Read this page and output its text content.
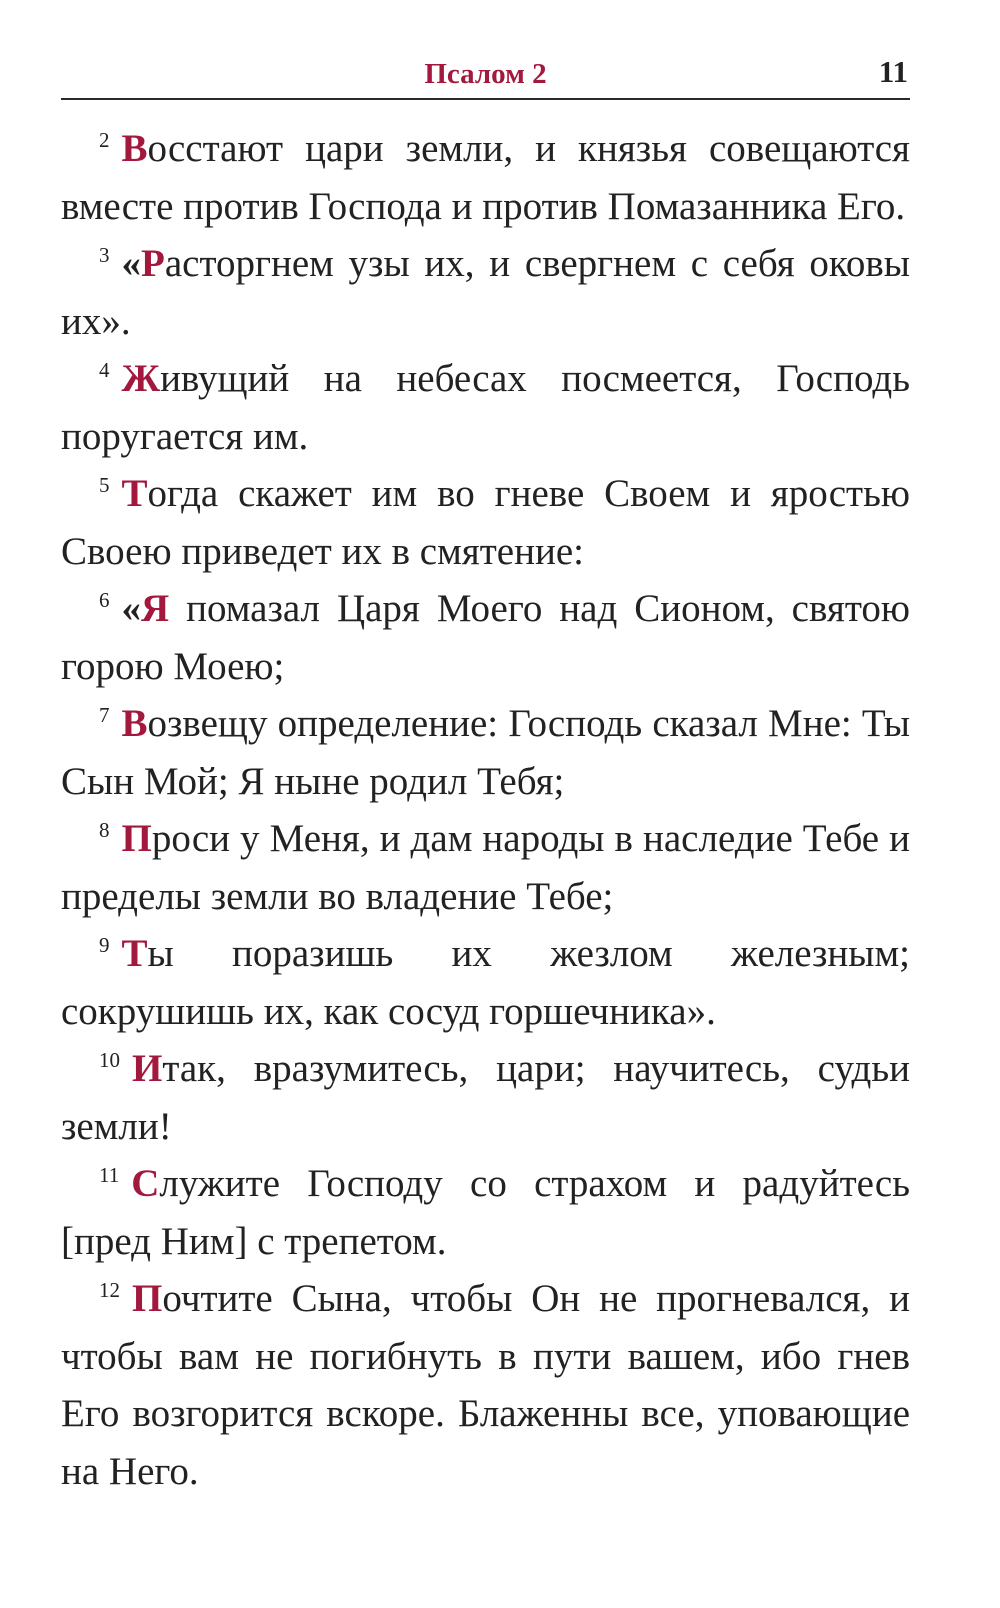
Псалом 2	11

$^2$ Восстают цари земли, и князья совещаются вместе против Господа и против Помазанника Его.

$^3$ «Расторгнем узы их, и свергнем с себя оковы их».

$^4$ Живущий на небесах посмеется, Господь поругается им.

$^5$ Тогда скажет им во гневе Своем и яростью Своею приведет их в смятение:

$^6$ «Я помазал Царя Моего над Сионом, святою горою Моею;

$^7$ Возвещу определение: Господь сказал Мне: Ты Сын Мой; Я ныне родил Тебя;

$^8$ Проси у Меня, и дам народы в наследие Тебе и пределы земли во владение Тебе;

$^9$ Ты поразишь их жезлом железным; сокрушишь их, как сосуд горшечника».

$^{10}$ Итак, вразумитесь, цари; научитесь, судьи земли!

$^{11}$ Служите Господу со страхом и радуйтесь [пред Ним] с трепетом.

$^{12}$ Почтите Сына, чтобы Он не прогневался, и чтобы вам не погибнуть в пути вашем, ибо гнев Его возгорится вскоре. Блаженны все, уповающие на Него.
